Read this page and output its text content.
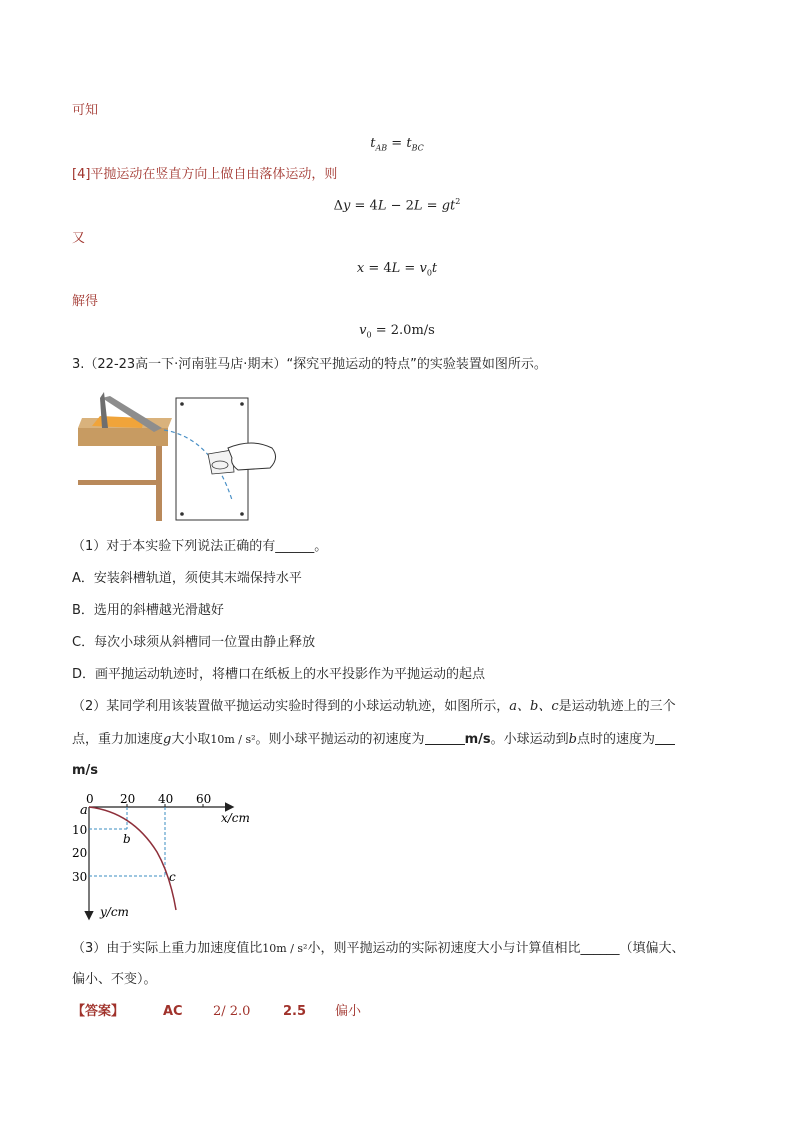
可知
$t_{AB} = t_{BC}$
[4]平抛运动在竖直方向上做自由落体运动，则
$\Delta y = 4L - 2L = gt^2$
又
$x = 4L = v_0t$
解得
$v_0 = 2.0m/s$
3.（22-23高一下·河南驻马店·期末）“探究平抛运动的特点”的实验装置如图所示。
（1）对于本实验下列说法正确的有______。
A．安装斜槽轨道，须使其末端保持水平
B．选用的斜槽越光滑越好
C．每次小球须从斜槽同一位置由静止释放
D．画平抛运动轨迹时，将槽口在纸板上的水平投影作为平抛运动的起点
（2）某同学利用该装置做平抛运动实验时得到的小球运动轨迹，如图所示，a、b、c是运动轨迹上的三个
点，重力加速度g大小取10m / s²。则小球平抛运动的初速度为	m/s。小球运动到b点时的速度为
m/s
a
0 20 40 60
x/cm
10
20
30
y/cm
b
c
（3）由于实际上重力加速度值比10m / s²小，则平抛运动的实际初速度大小与计算值相比______（填偏大、
偏小、不变）。
【答案】	AC 2/ 2.0	2.5 偏小
